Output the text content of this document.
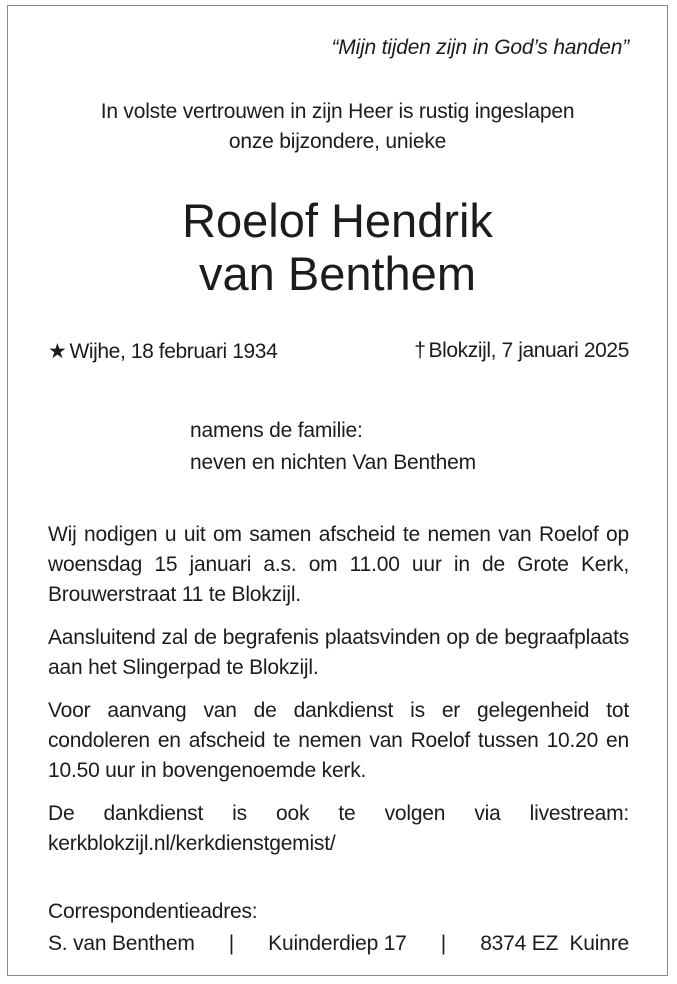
“Mijn tijden zijn in God’s handen”
In volste vertrouwen in zijn Heer is rustig ingeslapen
onze bijzondere, unieke
Roelof Hendrik
van Benthem
★ Wijhe, 18 februari 1934	† Blokzijl, 7 januari 2025
namens de familie:
neven en nichten Van Benthem

Wij nodigen u uit om samen afscheid te nemen van Roelof op woensdag 15 januari a.s. om 11.00 uur in de Grote Kerk, Brouwerstraat 11 te Blokzijl.

Aansluitend zal de begrafenis plaatsvinden op de begraafplaats aan het Slingerpad te Blokzijl.

Voor aanvang van de dankdienst is er gelegenheid tot condoleren en afscheid te nemen van Roelof tussen 10.20 en 10.50 uur in bovengenoemde kerk.

De dankdienst is ook te volgen via livestream: kerkblokzijl.nl/kerkdienstgemist/

Correspondentieadres:
S. van Benthem | Kuinderdiep 17 | 8374 EZ  Kuinre
